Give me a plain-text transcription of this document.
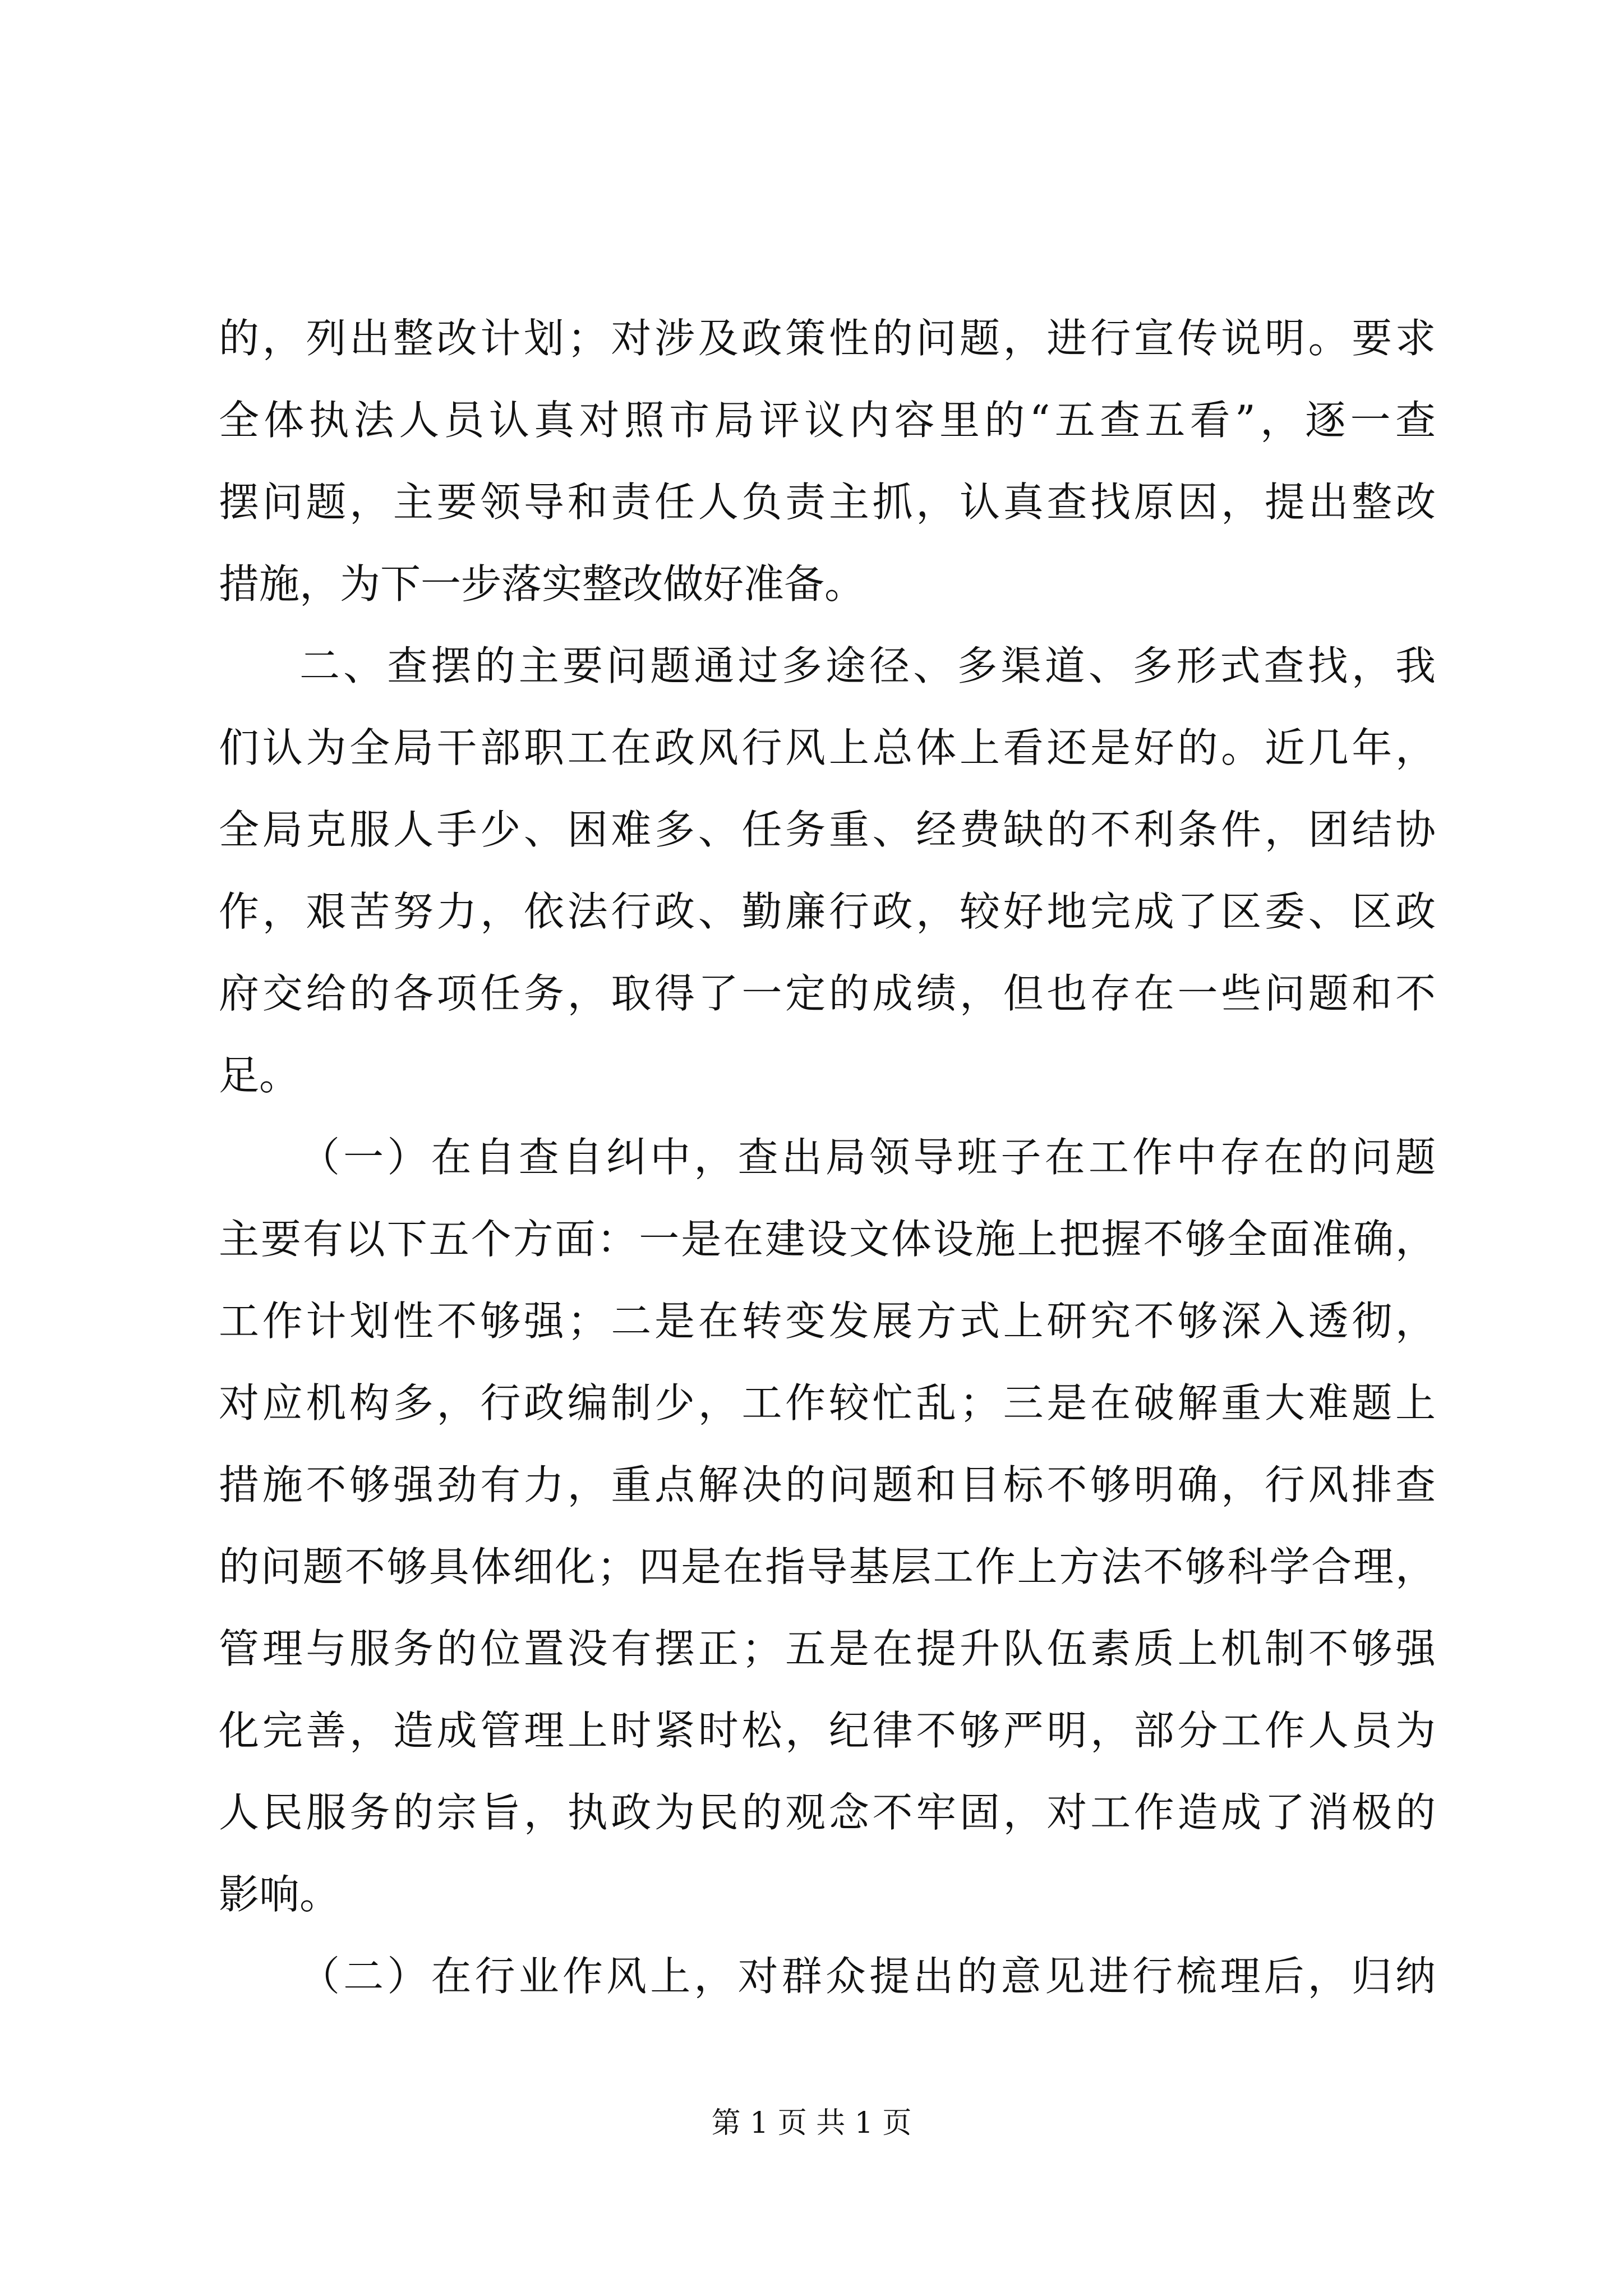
的，列出整改计划；对涉及政策性的问题，进行宣传说明。要求
全体执法人员认真对照市局评议内容里的“五查五看”，逐一查
摆问题，主要领导和责任人负责主抓，认真查找原因，提出整改
措施，为下一步落实整改做好准备。
二、查摆的主要问题通过多途径、多渠道、多形式查找，我
们认为全局干部职工在政风行风上总体上看还是好的。近几年，
全局克服人手少、困难多、任务重、经费缺的不利条件，团结协
作，艰苦努力，依法行政、勤廉行政，较好地完成了区委、区政
府交给的各项任务，取得了一定的成绩，但也存在一些问题和不
足。
（一）在自查自纠中，查出局领导班子在工作中存在的问题
主要有以下五个方面：一是在建设文体设施上把握不够全面准确，
工作计划性不够强；二是在转变发展方式上研究不够深入透彻，
对应机构多，行政编制少，工作较忙乱；三是在破解重大难题上
措施不够强劲有力，重点解决的问题和目标不够明确，行风排查
的问题不够具体细化；四是在指导基层工作上方法不够科学合理，
管理与服务的位置没有摆正；五是在提升队伍素质上机制不够强
化完善，造成管理上时紧时松，纪律不够严明，部分工作人员为
人民服务的宗旨，执政为民的观念不牢固，对工作造成了消极的
影响。
（二）在行业作风上，对群众提出的意见进行梳理后，归纳
第 1 页 共 1 页
